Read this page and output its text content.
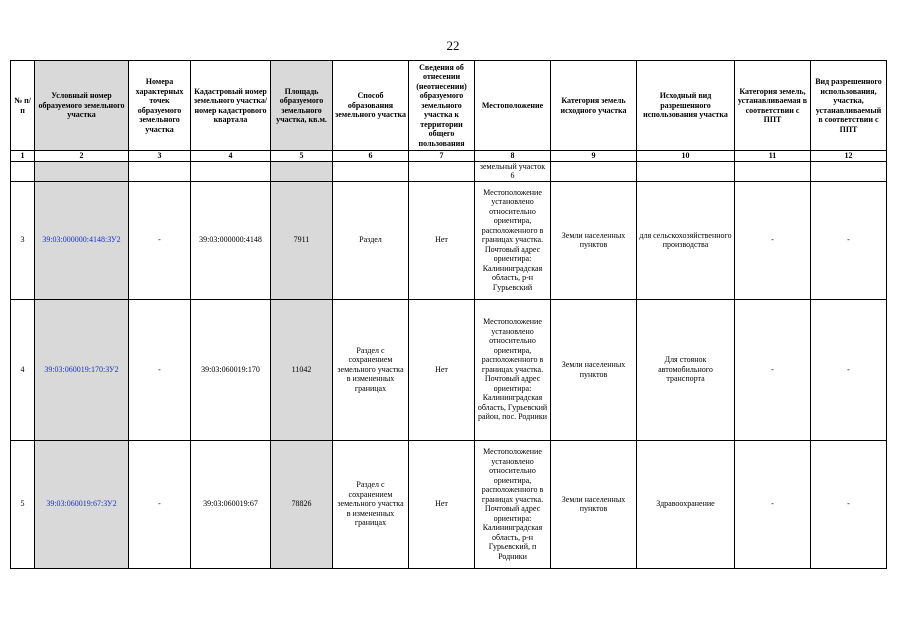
22
№ п/п	Условный номер образуемого земельного участка	Номера характерных точек образуемого земельного участка	Кадастровый номер земельного участка/номер кадастрового квартала	Площадь образуемого земельного участка, кв.м.	Способ образования земельного участка	Сведения об отнесении (неотнесении) образуемого земельного участка к территории общего пользования	Местоположение	Категория земель исходного участка	Исходный вид разрешенного использования участка	Категория земель, устанавливаемая в соответствии с ППТ	Вид разрешенного использования, участка, устанавливаемый в соответствии с ППТ
1	2	3	4	5	6	7	8	9	10	11	12
							земельный участок 6				
3	39:03:000000:4148:ЗУ2	-	39:03:000000:4148	7911	Раздел	Нет	Местоположение установлено относительно ориентира, расположенного в границах участка. Почтовый адрес ориентира: Калининградская область, р-н Гурьевский	Земли населенных пунктов	для сельскохозяйственного производства	-	-
4	39:03:060019:170:ЗУ2	-	39:03:060019:170	11042	Раздел с сохранением земельного участка в измененных границах	Нет	Местоположение установлено относительно ориентира, расположенного в границах участка. Почтовый адрес ориентира: Калининградская область, Гурьевский район, пос. Родники	Земли населенных пунктов	Для стоянок автомобильного транспорта	-	-
5	39:03:060019:67:ЗУ2	-	39:03:060019:67	78826	Раздел с сохранением земельного участка в измененных границах	Нет	Местоположение установлено относительно ориентира, расположенного в границах участка. Почтовый адрес ориентира: Калининградская область, р-н Гурьевский, п Родники	Земли населенных пунктов	Здравоохранение	-	-
